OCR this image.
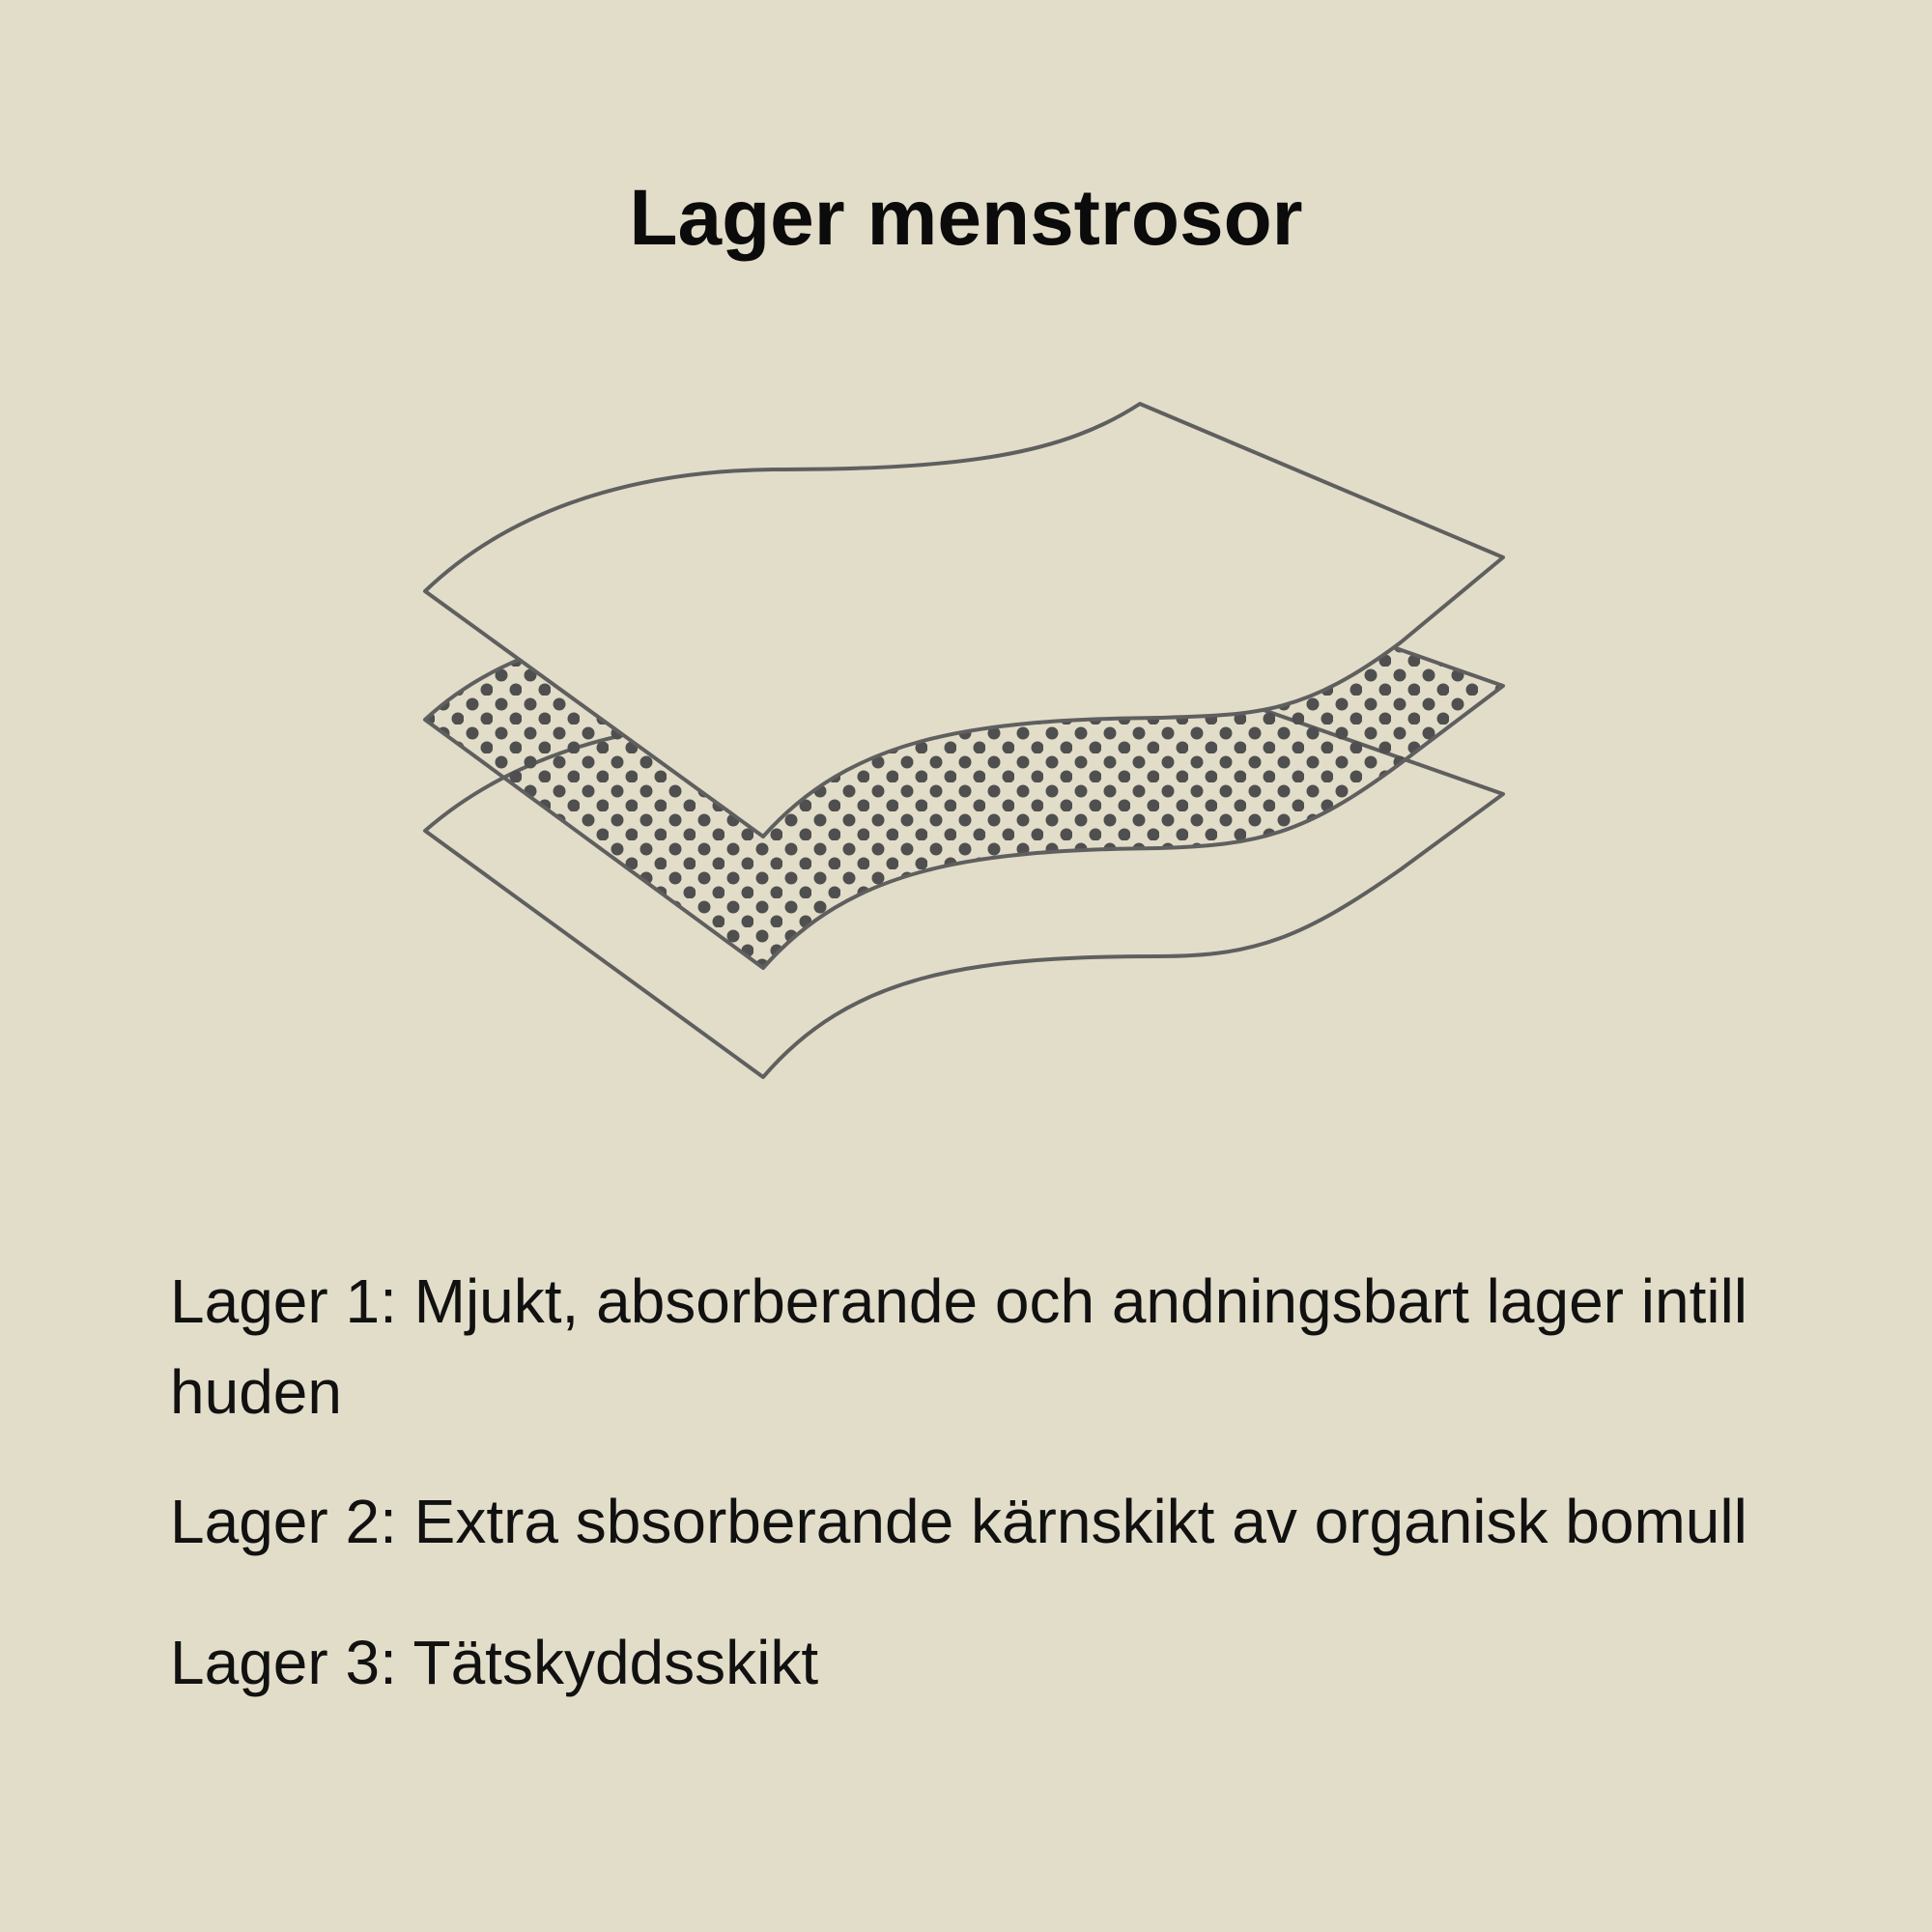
Lager menstrosor

Lager 1: Mjukt, absorberande och andningsbart lager intill huden

Lager 2: Extra sbsorberande kärnskikt av organisk bomull

Lager 3: Tätskyddsskikt
